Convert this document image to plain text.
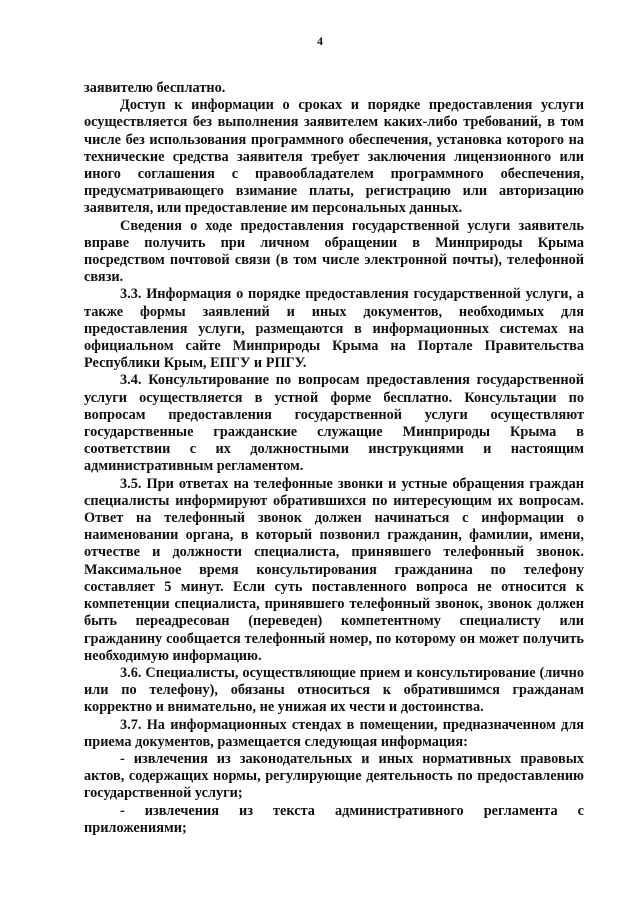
4

заявителю бесплатно.

Доступ к информации о сроках и порядке предоставления услуги осуществляется без выполнения заявителем каких-либо требований, в том числе без использования программного обеспечения, установка которого на технические средства заявителя требует заключения лицензионного или иного соглашения с правообладателем программного обеспечения, предусматривающего взимание платы, регистрацию или авторизацию заявителя, или предоставление им персональных данных.

Сведения о ходе предоставления государственной услуги заявитель вправе получить при личном обращении в Минприроды Крыма посредством почтовой связи (в том числе электронной почты), телефонной связи.

3.3. Информация о порядке предоставления государственной услуги, а также формы заявлений и иных документов, необходимых для предоставления услуги, размещаются в информационных системах на официальном сайте Минприроды Крыма на Портале Правительства Республики Крым, ЕПГУ и РПГУ.

3.4. Консультирование по вопросам предоставления государственной услуги осуществляется в устной форме бесплатно. Консультации по вопросам предоставления государственной услуги осуществляют государственные гражданские служащие Минприроды Крыма в соответствии с их должностными инструкциями и настоящим административным регламентом.

3.5. При ответах на телефонные звонки и устные обращения граждан специалисты информируют обратившихся по интересующим их вопросам. Ответ на телефонный звонок должен начинаться с информации о наименовании органа, в который позвонил гражданин, фамилии, имени, отчестве и должности специалиста, принявшего телефонный звонок. Максимальное время консультирования гражданина по телефону составляет 5 минут. Если суть поставленного вопроса не относится к компетенции специалиста, принявшего телефонный звонок, звонок должен быть переадресован (переведен) компетентному специалисту или гражданину сообщается телефонный номер, по которому он может получить необходимую информацию.

3.6. Специалисты, осуществляющие прием и консультирование (лично или по телефону), обязаны относиться к обратившимся гражданам корректно и внимательно, не унижая их чести и достоинства.

3.7. На информационных стендах в помещении, предназначенном для приема документов, размещается следующая информация:

- извлечения из законодательных и иных нормативных правовых актов, содержащих нормы, регулирующие деятельность по предоставлению государственной услуги;

- извлечения из текста административного регламента с приложениями;
